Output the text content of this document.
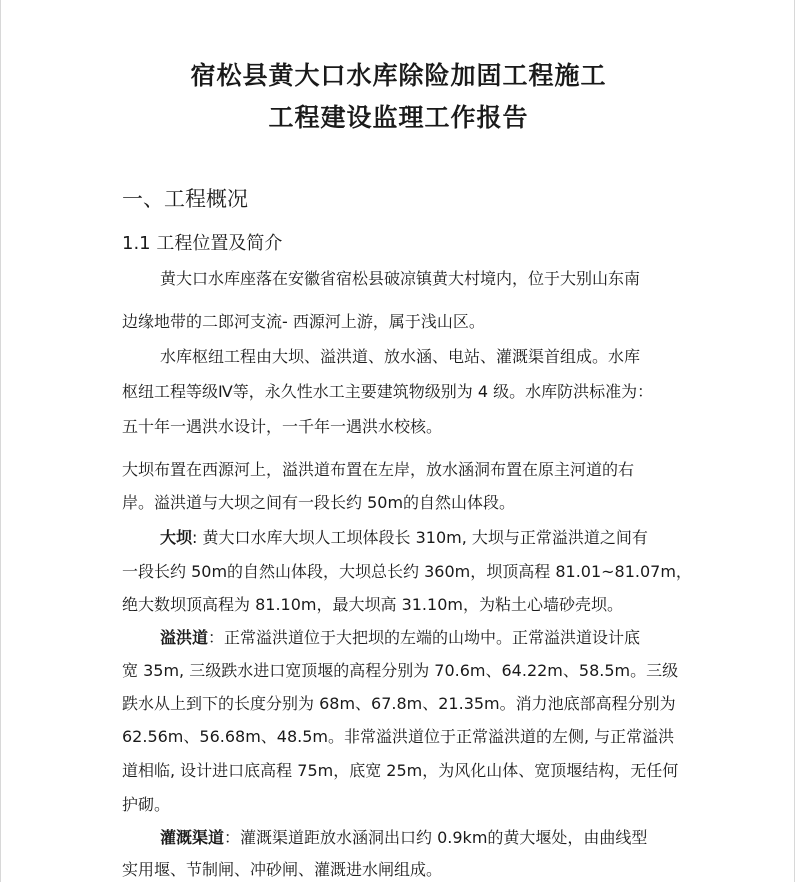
宿松县黄大口水库除险加固工程施工
工程建设监理工作报告
一、工程概况
1.1 工程位置及简介
黄大口水库座落在安徽省宿松县破凉镇黄大村境内，位于大别山东南
边缘地带的二郎河支流- 西源河上游，属于浅山区。
水库枢纽工程由大坝、溢洪道、放水涵、电站、灌溉渠首组成。水库
枢纽工程等级Ⅳ等，永久性水工主要建筑物级别为 4 级。水库防洪标准为：
五十年一遇洪水设计，一千年一遇洪水校核。
大坝布置在西源河上，溢洪道布置在左岸，放水涵洞布置在原主河道的右
岸。溢洪道与大坝之间有一段长约 50m的自然山体段。
大坝: 黄大口水库大坝人工坝体段长 310m, 大坝与正常溢洪道之间有
一段长约 50m的自然山体段，大坝总长约 360m，坝顶高程 81.01~81.07m，
绝大数坝顶高程为 81.10m，最大坝高 31.10m，为粘土心墙砂壳坝。
溢洪道：正常溢洪道位于大把坝的左端的山坳中。正常溢洪道设计底
宽 35m, 三级跌水进口宽顶堰的高程分别为 70.6m、64.22m、58.5m。三级
跌水从上到下的长度分别为 68m、67.8m、21.35m。消力池底部高程分别为
62.56m、56.68m、48.5m。非常溢洪道位于正常溢洪道的左侧, 与正常溢洪
道相临, 设计进口底高程 75m，底宽 25m，为风化山体、宽顶堰结构，无任何
护砌。
灌溉渠道：灌溉渠道距放水涵洞出口约 0.9km的黄大堰处，由曲线型
实用堰、节制闸、冲砂闸、灌溉进水闸组成。
